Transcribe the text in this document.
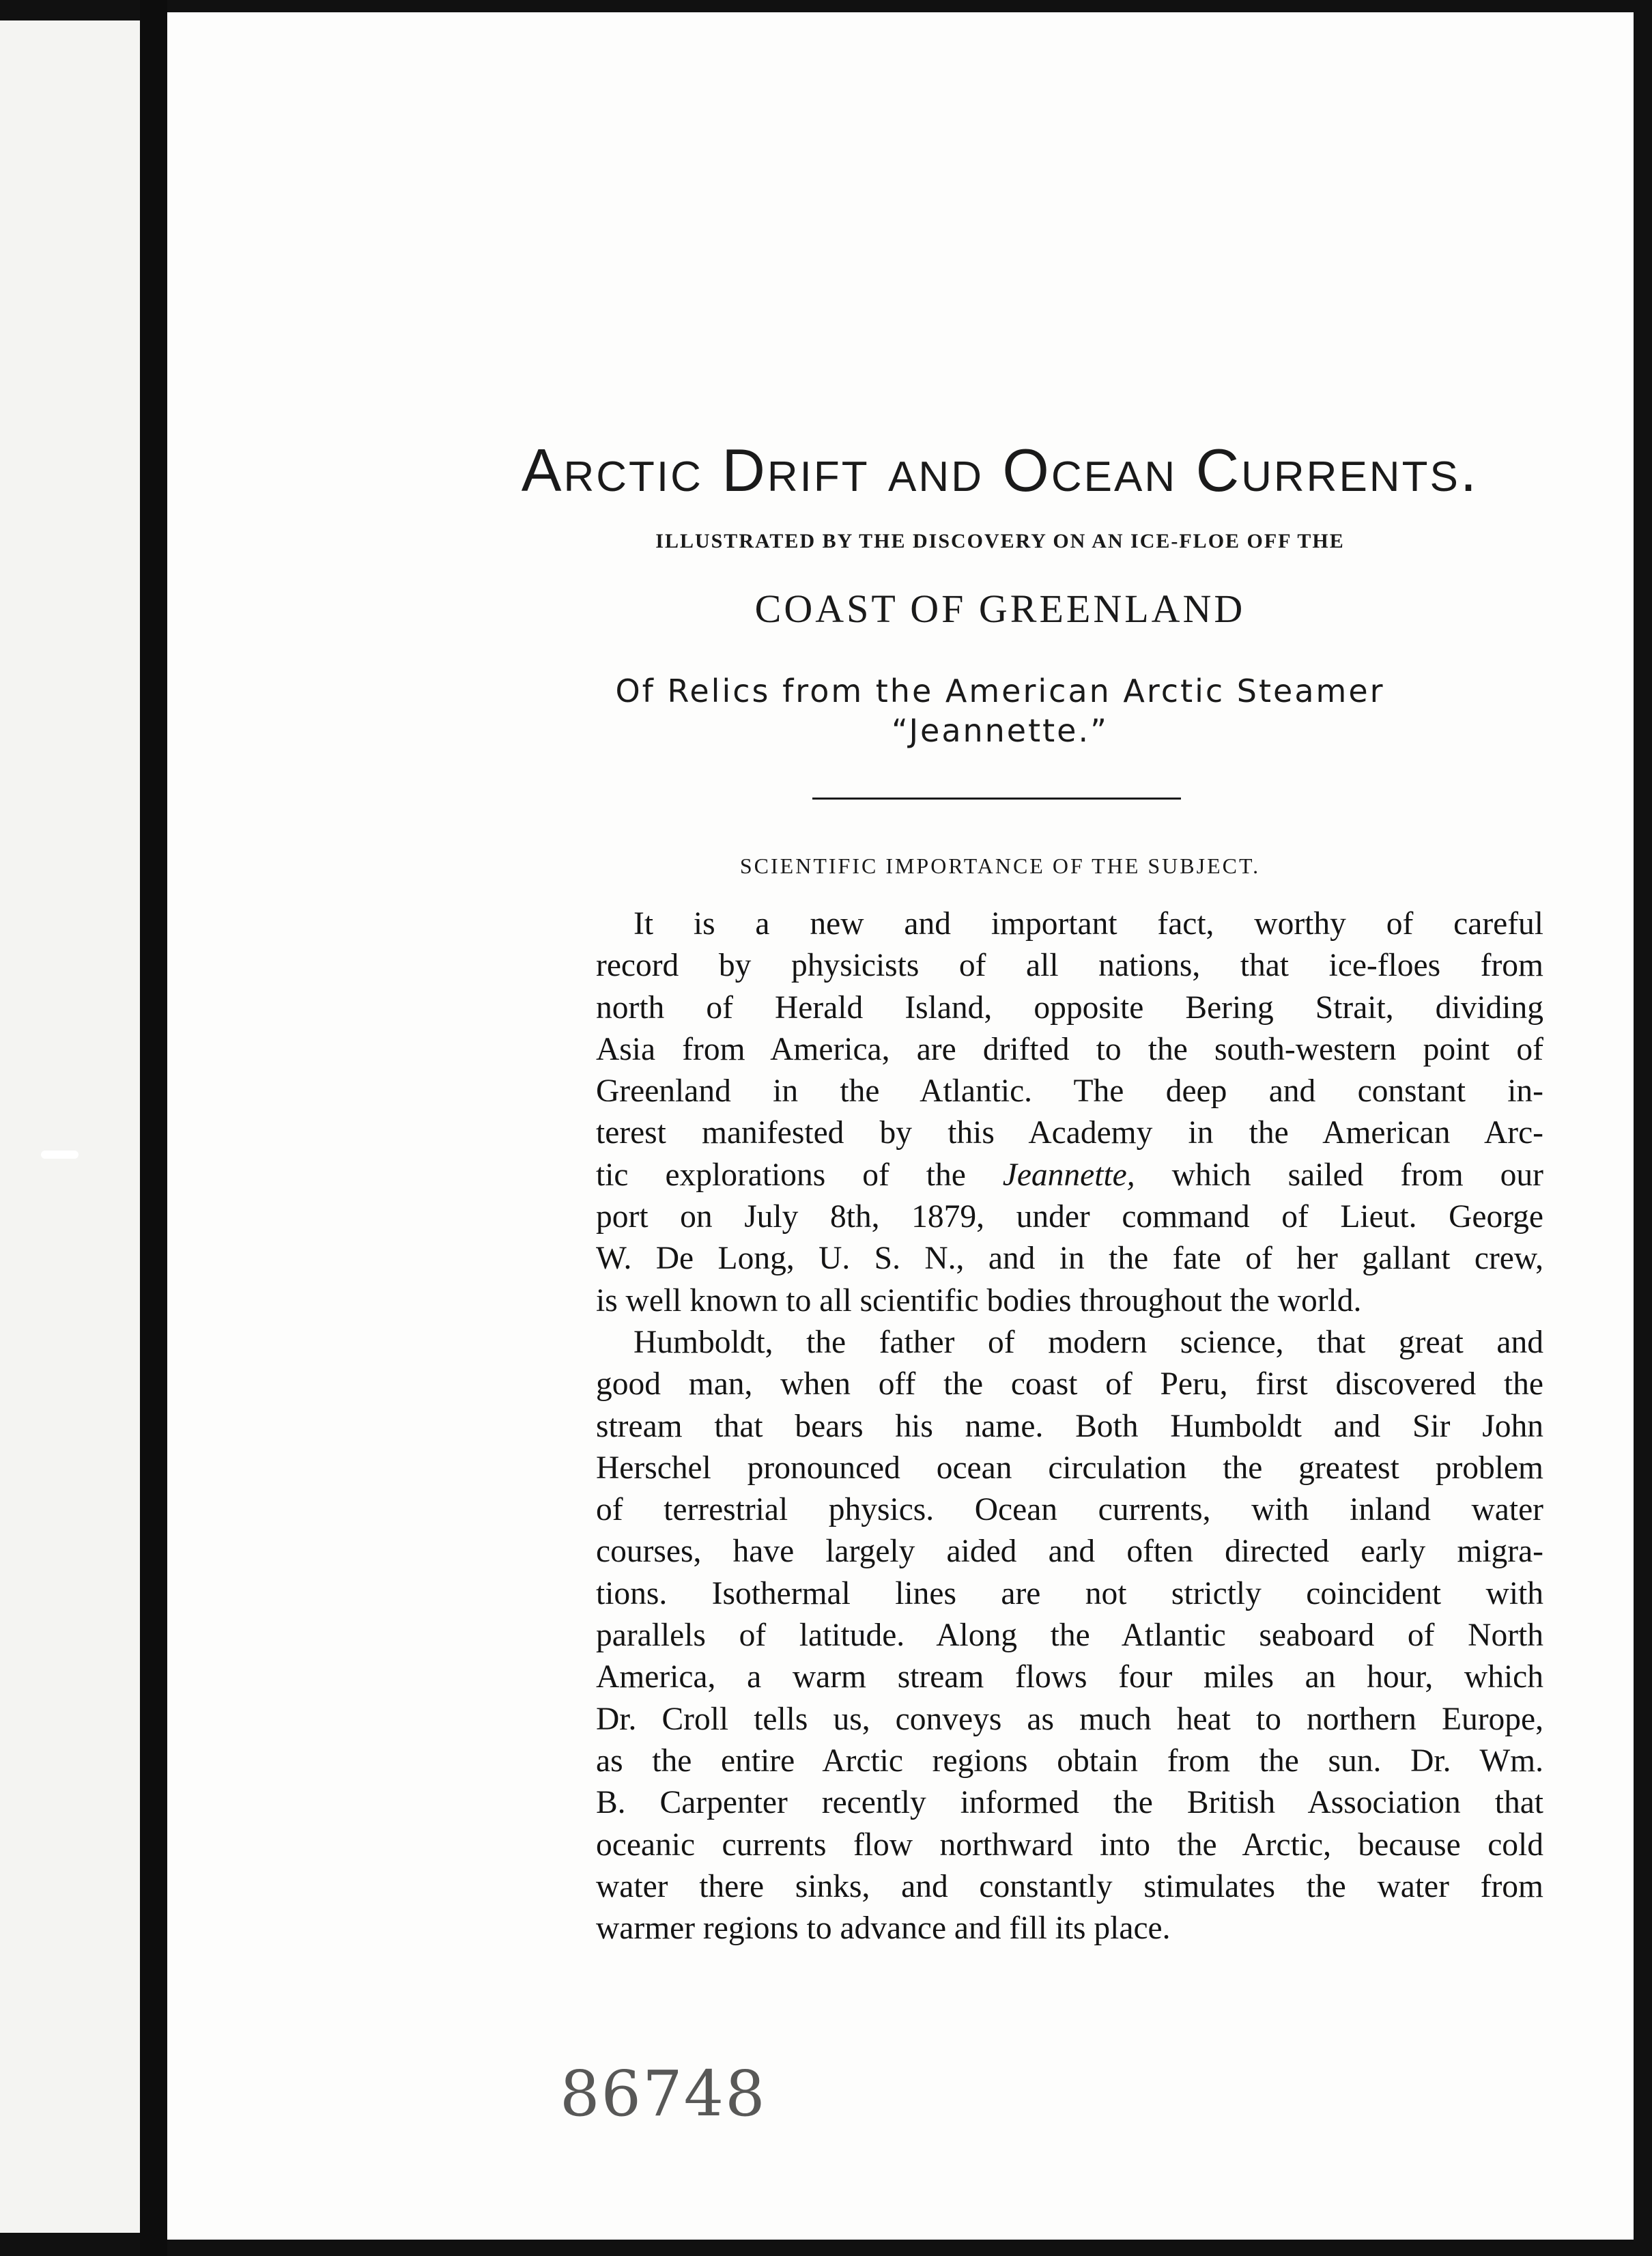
Arctic Drift and Ocean Currents.
ILLUSTRATED BY THE DISCOVERY ON AN ICE-FLOE OFF THE
COAST OF GREENLAND
Of Relics from the American Arctic Steamer
“Jeannette.”
SCIENTIFIC IMPORTANCE OF THE SUBJECT.

It is a new and important fact, worthy of careful
record by physicists of all nations, that ice-floes from
north of Herald Island, opposite Bering Strait, dividing
Asia from America, are drifted to the south-western point of
Greenland in the Atlantic. The deep and constant in-
terest manifested by this Academy in the American Arc-
tic explorations of the Jeannette, which sailed from our
port on July 8th, 1879, under command of Lieut. George
W. De Long, U. S. N., and in the fate of her gallant crew,
is well known to all scientific bodies throughout the world.

Humboldt, the father of modern science, that great and
good man, when off the coast of Peru, first discovered the
stream that bears his name. Both Humboldt and Sir John
Herschel pronounced ocean circulation the greatest problem
of terrestrial physics. Ocean currents, with inland water
courses, have largely aided and often directed early migra-
tions. Isothermal lines are not strictly coincident with
parallels of latitude. Along the Atlantic seaboard of North
America, a warm stream flows four miles an hour, which
Dr. Croll tells us, conveys as much heat to northern Europe,
as the entire Arctic regions obtain from the sun. Dr. Wm.
B. Carpenter recently informed the British Association that
oceanic currents flow northward into the Arctic, because cold
water there sinks, and constantly stimulates the water from
warmer regions to advance and fill its place.

86748
